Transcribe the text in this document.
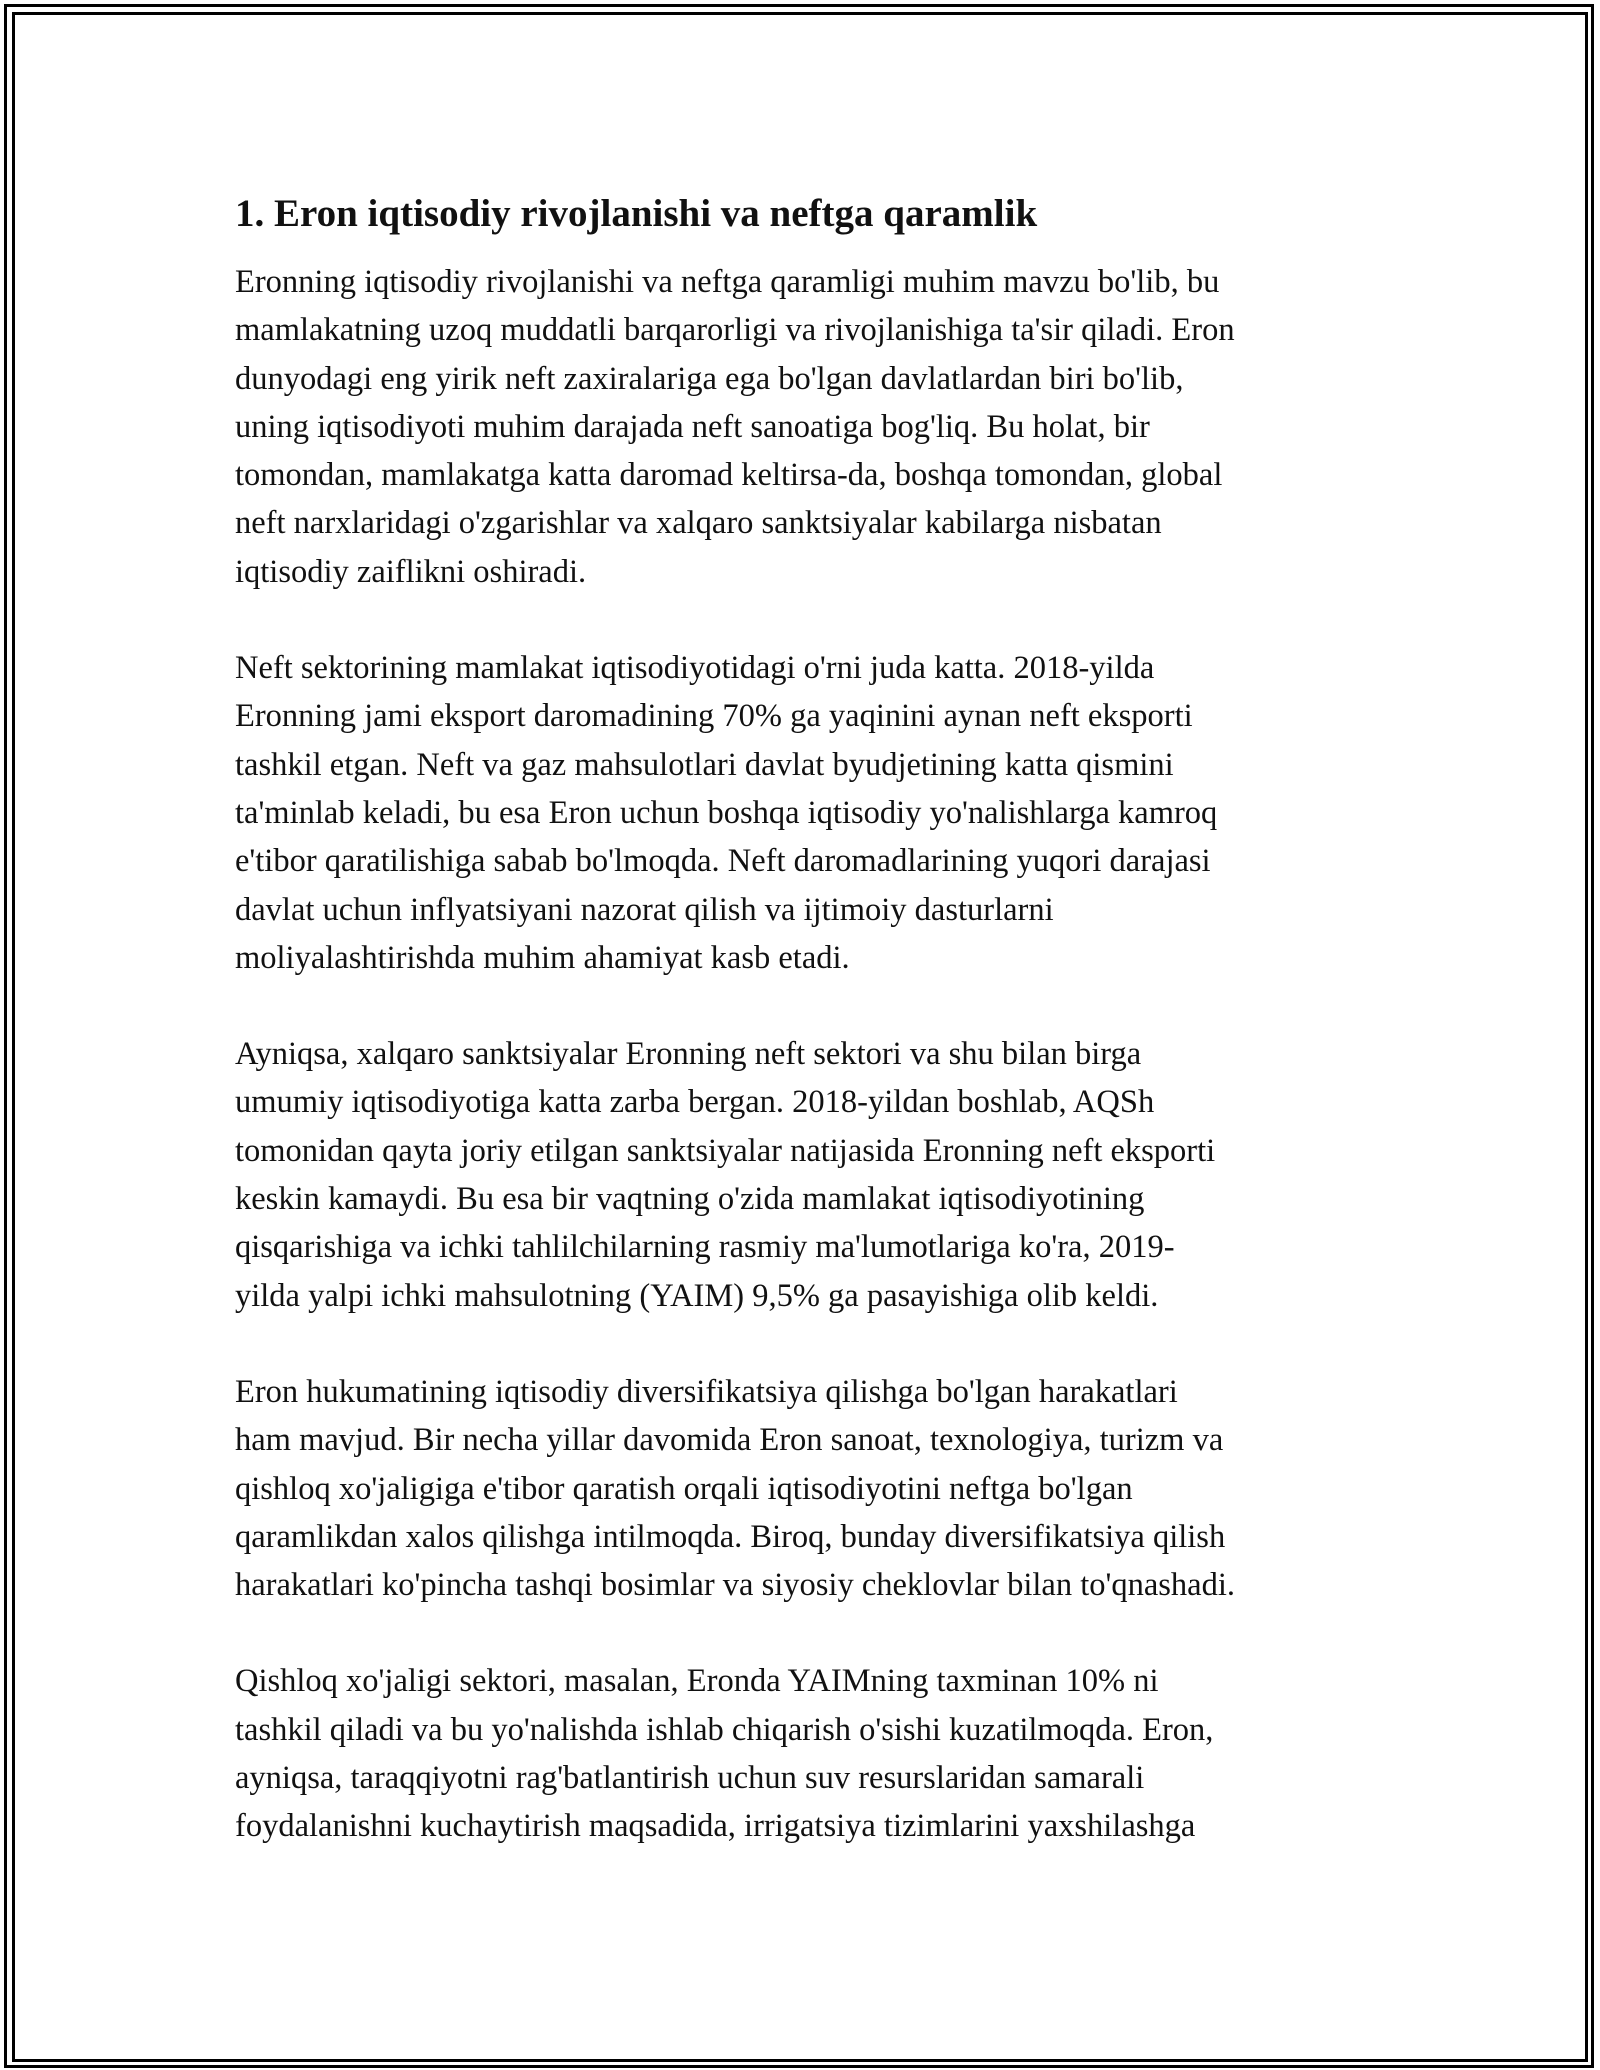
1. Eron iqtisodiy rivojlanishi va neftga qaramlik
Eronning iqtisodiy rivojlanishi va neftga qaramligi muhim mavzu bo'lib, bu
mamlakatning uzoq muddatli barqarorligi va rivojlanishiga ta'sir qiladi. Eron
dunyodagi eng yirik neft zaxiralariga ega bo'lgan davlatlardan biri bo'lib,
uning iqtisodiyoti muhim darajada neft sanoatiga bog'liq. Bu holat, bir
tomondan, mamlakatga katta daromad keltirsa-da, boshqa tomondan, global
neft narxlaridagi o'zgarishlar va xalqaro sanktsiyalar kabilarga nisbatan
iqtisodiy zaiflikni oshiradi.
Neft sektorining mamlakat iqtisodiyotidagi o'rni juda katta. 2018-yilda
Eronning jami eksport daromadining 70% ga yaqinini aynan neft eksporti
tashkil etgan. Neft va gaz mahsulotlari davlat byudjetining katta qismini
ta'minlab keladi, bu esa Eron uchun boshqa iqtisodiy yo'nalishlarga kamroq
e'tibor qaratilishiga sabab bo'lmoqda. Neft daromadlarining yuqori darajasi
davlat uchun inflyatsiyani nazorat qilish va ijtimoiy dasturlarni
moliyalashtirishda muhim ahamiyat kasb etadi.
Ayniqsa, xalqaro sanktsiyalar Eronning neft sektori va shu bilan birga
umumiy iqtisodiyotiga katta zarba bergan. 2018-yildan boshlab, AQSh
tomonidan qayta joriy etilgan sanktsiyalar natijasida Eronning neft eksporti
keskin kamaydi. Bu esa bir vaqtning o'zida mamlakat iqtisodiyotining
qisqarishiga va ichki tahlilchilarning rasmiy ma'lumotlariga ko'ra, 2019-
yilda yalpi ichki mahsulotning (YAIM) 9,5% ga pasayishiga olib keldi.
Eron hukumatining iqtisodiy diversifikatsiya qilishga bo'lgan harakatlari
ham mavjud. Bir necha yillar davomida Eron sanoat, texnologiya, turizm va
qishloq xo'jaligiga e'tibor qaratish orqali iqtisodiyotini neftga bo'lgan
qaramlikdan xalos qilishga intilmoqda. Biroq, bunday diversifikatsiya qilish
harakatlari ko'pincha tashqi bosimlar va siyosiy cheklovlar bilan to'qnashadi.
Qishloq xo'jaligi sektori, masalan, Eronda YAIMning taxminan 10% ni
tashkil qiladi va bu yo'nalishda ishlab chiqarish o'sishi kuzatilmoqda. Eron,
ayniqsa, taraqqiyotni rag'batlantirish uchun suv resurslaridan samarali
foydalanishni kuchaytirish maqsadida, irrigatsiya tizimlarini yaxshilashga
